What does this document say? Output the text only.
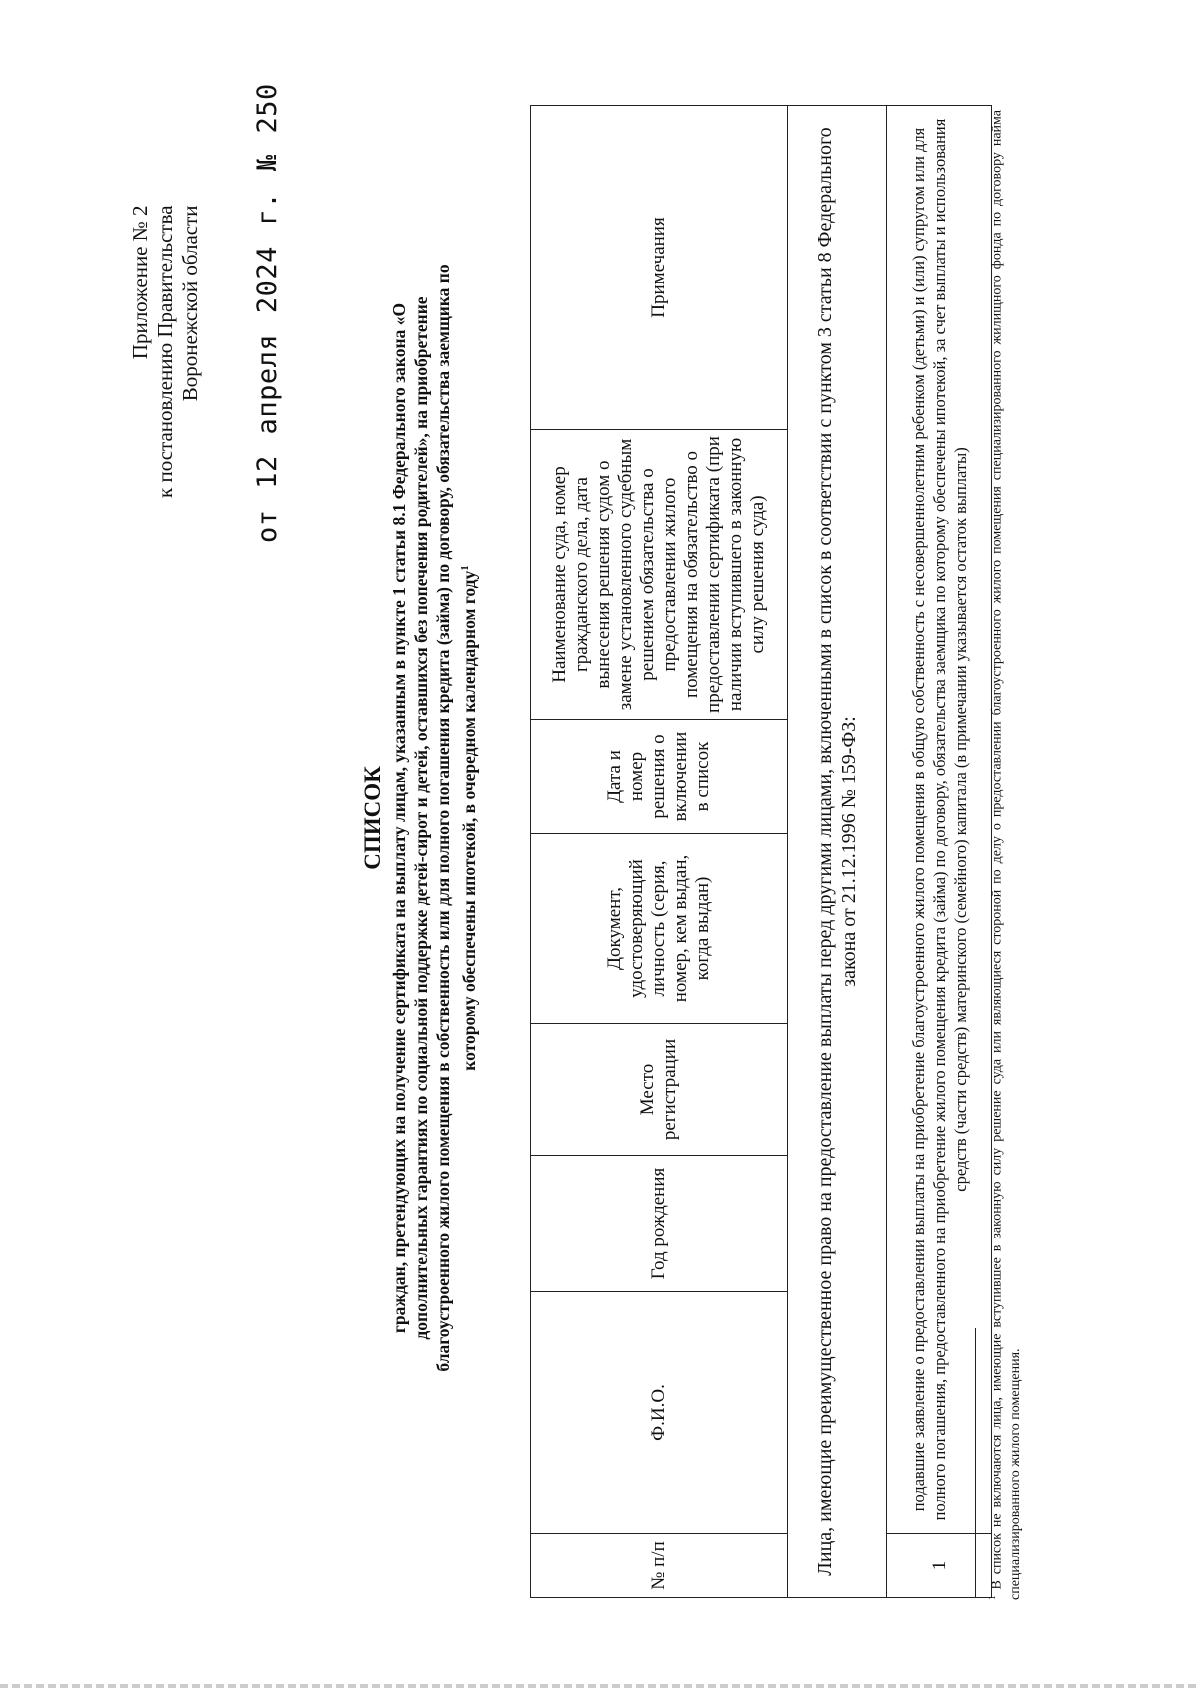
Приложение № 2 к постановлению Правительства Воронежской области
от 12 апреля 2024 г. № 250
СПИСОК граждан, претендующих на получение сертификата на выплату лицам, указанным в пункте 1 статьи 8.1 Федерального закона «О дополнительных гарантиях по социальной поддержке детей-сирот и детей, оставшихся без попечения родителей», на приобретение благоустроенного жилого помещения в собственность или для полного погашения кредита (займа) по договору, обязательства заемщика по которому обеспечены ипотекой, в очередном календарном году$^1$
№ п/п	Ф.И.О.	Год рождения	Место регистрации	Документ, удостоверяющий личность (серия, номер, кем выдан, когда выдан)	Дата и номер решения о включении в список	Наименование суда, номер гражданского дела, дата вынесения решения судом о замене установленного судебным решением обязательства о предоставлении жилого помещения на обязательство о предоставлении сертификата (при наличии вступившего в законную силу решения суда)	Примечания
Лица, имеющие преимущественное право на предоставление выплаты перед другими лицами, включенными в список в соответствии с пунктом 3 статьи 8 Федерального закона от 21.12.1996 № 159-ФЗ:							
1	подавшие заявление о предоставлении выплаты на приобретение благоустроенного жилого помещения в общую собственность с несовершеннолетним ребенком (детьми) и (или) супругом или для полного погашения, предоставленного на приобретение жилого помещения кредита (займа) по договору, обязательства заемщика по которому обеспечены ипотекой, за счет выплаты и использования средств (части средств) материнского (семейного) капитала (в примечании указывается остаток выплаты)						
$^1$ В список не включаются лица, имеющие вступившее в законную силу решение суда или являющиеся стороной по делу о предоставлении благоустроенного жилого помещения специализированного жилищного фонда по договору найма специализированного жилого помещения.
